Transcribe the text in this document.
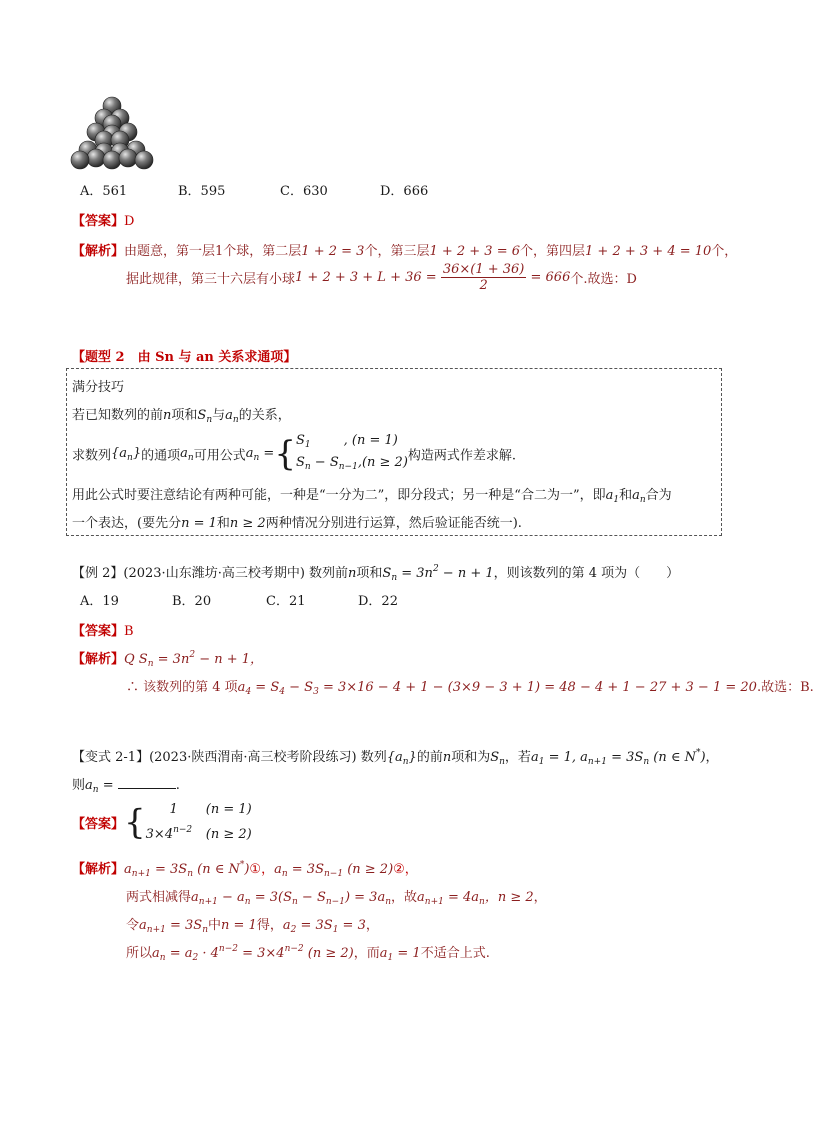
A．561	B．595	C．630	D．666
【答案】D
【解析】由题意，第一层1个球，第二层1 + 2 = 3个，第三层1 + 2 + 3 = 6个，第四层1 + 2 + 3 + 4 = 10个，
据此规律，第三十六层有小球$1 + 2 + 3 + L + 36 = \frac{36\times(1 + 36)}{2} = 666$个.故选：D
【题型 2　由 Sn 与 an 关系求通项】
满分技巧
若已知数列的前n项和$S_n$与$a_n$的关系，
求数列$\{a_n\}$的通项$a_n$可用公式$a_n$ ={ $S_1$        , (n = 1)
$S_n - S_{n-1},(n \ge 2)$ 构造两式作差求解.
用此公式时要注意结论有两种可能，一种是“一分为二”，即分段式；另一种是“合二为一”，即$a_1$和$a_n$合为
一个表达，(要先分n = 1和n ≥ 2两种情况分别进行运算，然后验证能否统一).
【例 2】(2023·山东潍坊·高三校考期中) 数列前n项和$S_n = 3n^2 - n + 1$，则该数列的第 4 项为（　　）
A．19	B．20	C．21	D．22
【答案】B
【解析】Q $S_n = 3n^2 - n + 1$，
∴ 该数列的第 4 项$a_4 = S_4 - S_3 = 3\times 16 - 4 + 1 - (3\times 9 - 3 + 1) = 48 - 4 + 1 - 27 + 3 - 1 = 20$.故选：B.
【变式 2-1】(2023·陕西渭南·高三校考阶段练习) 数列$\{a_n\}$的前n项和为$S_n$，若$a_1 = 1$, $a_{n+1} = 3S_n$ (n ∈ N*)，
则$a_n$ =	.
【答案】{	1 (n = 1)
$3\times 4^{n-2}$ (n ≥ 2)
【解析】$a_{n+1} = 3S_n$ (n ∈ N*)①，$a_n = 3S_{n-1}$ (n ≥ 2)②，
两式相减得$a_{n+1} - a_n = 3(S_n - S_{n-1}) = 3a_n$，故$a_{n+1} = 4a_n$，n ≥ 2，
令$a_{n+1} = 3S_n$中n = 1得，$a_2 = 3S_1 = 3$，
所以$a_n = a_2 \cdot 4^{n-2} = 3\times 4^{n-2}$ (n ≥ 2)，而$a_1 = 1$不适合上式.
